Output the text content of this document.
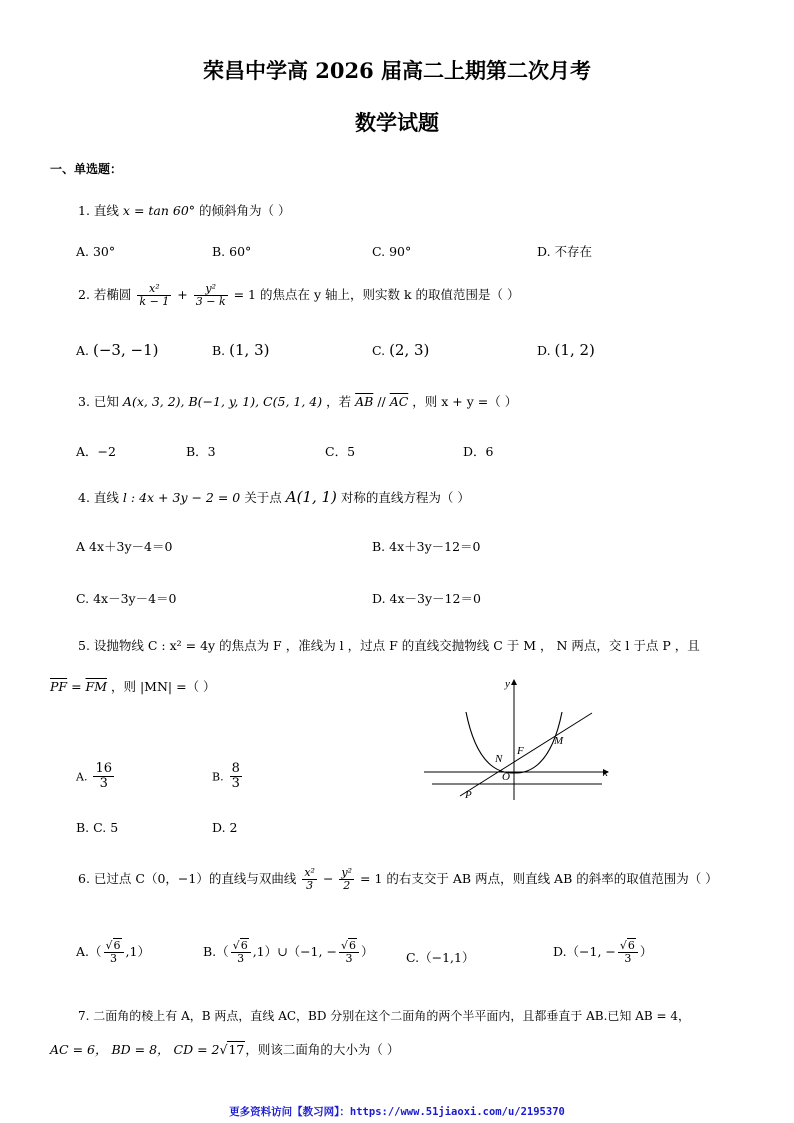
荣昌中学高 2026 届高二上期第二次月考
数学试题
一、单选题：
1. 直线 x = tan 60° 的倾斜角为（ ）
A. 30°	B. 60°	C. 90°	D. 不存在
2. 若椭圆 $\frac{\text{x²}}{k - 1} + \frac{\text{y²}}{3 - k} = 1$ 的焦点在 y 轴上，则实数 k 的取值范围是（ ）
A. (−3, −1)	B. (1, 3)	C. (2, 3)	D. (1, 2)
3. 已知 A(x, 3, 2), B(−1, y, 1), C(5, 1, 4) ，若 $\overline{AB} // \overline{AC}$ ，则 x + y =（ ）
A．−2	B．3	C．5	D．6
4. 直线 l : 4x + 3y − 2 = 0 关于点 A(1, 1) 对称的直线方程为（ ）
A 4x＋3y－4＝0	B. 4x＋3y－12＝0
C. 4x－3y－4＝0	D. 4x－3y－12＝0
5. 设抛物线 C : x² = 4y 的焦点为 F ，准线为 l ，过点 F 的直线交抛物线 C 于 M ， N 两点，交 l 于点 P ，且
$\overline{PF} = \overline{FM}$ ，则 |MN| =（ ）
A. $\frac{16}{3}$	B. $\frac{8}{3}$
B. C. 5	D. 2
y
x
O
N
F
M
P
6. 已过点 C（0，−1）的直线与双曲线 $\frac{\text{x²}}{3} - \frac{\text{y²}}{2} = 1$ 的右支交于 AB 两点，则直线 AB 的斜率的取值范围为（ ）
$A.( \frac{√6}{3} ,1)$	$B.( \frac{√6}{3}$ ,1）∪（−1, − $\frac{√6}{3}$ ）	C.（−1,1）	D.（−1, − $\frac{√6}{3}$ ）
7. 二面角的棱上有 A，B 两点，直线 AC，BD 分别在这个二面角的两个半平面内，且都垂直于 AB.已知 AB = 4，
AC = 6， BD = 8， CD = 2√17，则该二面角的大小为（ ）
更多资料访问【教习网】：https://www.51jiaoxi.com/u/2195370
